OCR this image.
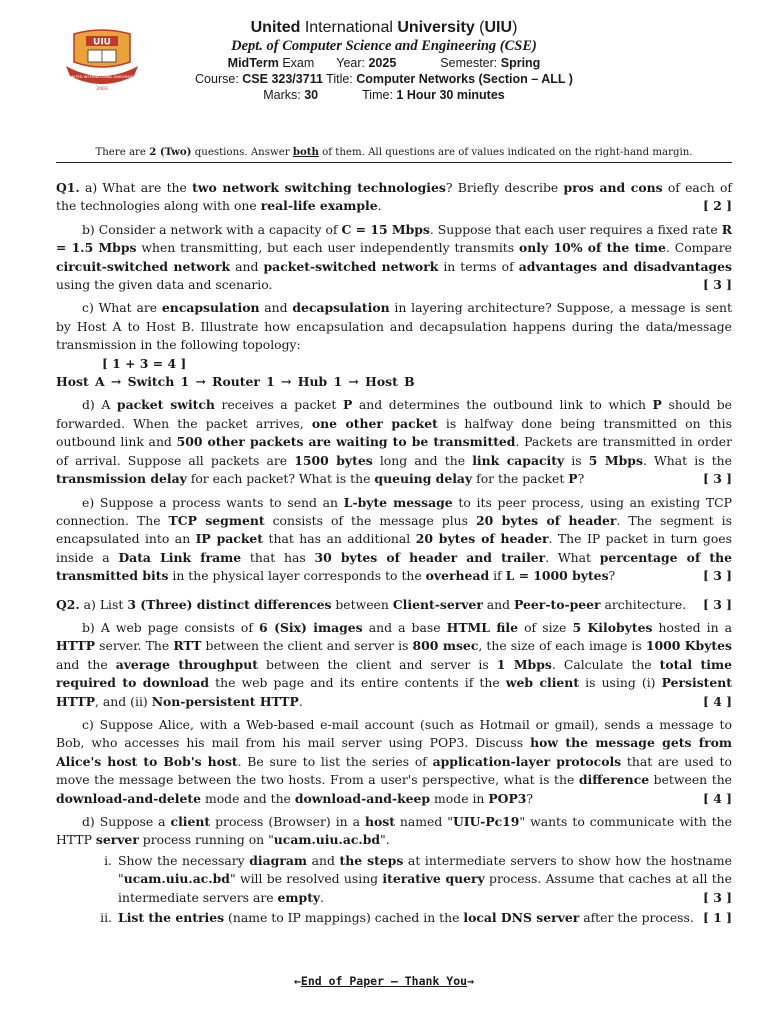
UIU
UNITED INTERNATIONAL UNIVERSITY
2003
United International University (UIU)
Dept. of Computer Science and Engineering (CSE)
MidTerm Exam Year: 2025	Semester: Spring
Course: CSE 323/3711 Title: Computer Networks (Section – ALL )
Marks: 30	Time: 1 Hour 30 minutes
There are 2 (Two) questions. Answer both of them. All questions are of values indicated on the right-hand margin.

Q1. a) What are the two network switching technologies? Briefly describe pros and cons of each of the technologies along with one real-life example.	[ 2 ]

b) Consider a network with a capacity of C = 15 Mbps. Suppose that each user requires a fixed rate R = 1.5 Mbps when transmitting, but each user independently transmits only 10% of the time. Compare circuit-switched network and packet-switched network in terms of advantages and disadvantages using the given data and scenario.	[ 3 ]

c) What are encapsulation and decapsulation in layering architecture? Suppose, a message is sent by Host A to Host B. Illustrate how encapsulation and decapsulation happens during the data/message transmission in the following topology:

[ 1 + 3 = 4 ]

Host A → Switch 1 → Router 1 → Hub 1 → Host B

d) A packet switch receives a packet P and determines the outbound link to which P should be forwarded. When the packet arrives, one other packet is halfway done being transmitted on this outbound link and 500 other packets are waiting to be transmitted. Packets are transmitted in order of arrival. Suppose all packets are 1500 bytes long and the link capacity is 5 Mbps. What is the transmission delay for each packet? What is the queuing delay for the packet P?	[ 3 ]

e) Suppose a process wants to send an L-byte message to its peer process, using an existing TCP connection. The TCP segment consists of the message plus 20 bytes of header. The segment is encapsulated into an IP packet that has an additional 20 bytes of header. The IP packet in turn goes inside a Data Link frame that has 30 bytes of header and trailer. What percentage of the transmitted bits in the physical layer corresponds to the overhead if L = 1000 bytes?	[ 3 ]

Q2. a) List 3 (Three) distinct differences between Client-server and Peer-to-peer architecture. [ 3 ]

b) A web page consists of 6 (Six) images and a base HTML file of size 5 Kilobytes hosted in a HTTP server. The RTT between the client and server is 800 msec, the size of each image is 1000 Kbytes and the average throughput between the client and server is 1 Mbps. Calculate the total time required to download the web page and its entire contents if the web client is using (i) Persistent HTTP, and (ii) Non-persistent HTTP.	[ 4 ]

c) Suppose Alice, with a Web-based e-mail account (such as Hotmail or gmail), sends a message to Bob, who accesses his mail from his mail server using POP3. Discuss how the message gets from Alice's host to Bob's host. Be sure to list the series of application-layer protocols that are used to move the message between the two hosts. From a user's perspective, what is the difference between the download-and-delete mode and the download-and-keep mode in POP3?	[ 4 ]

d) Suppose a client process (Browser) in a host named "UIU-Pc19" wants to communicate with the HTTP server process running on "ucam.uiu.ac.bd".

i. Show the necessary diagram and the steps at intermediate servers to show how the hostname "ucam.uiu.ac.bd" will be resolved using iterative query process. Assume that caches at all the intermediate servers are empty.	[ 3 ]
ii. List the entries (name to IP mappings) cached in the local DNS server after the process. [ 1 ]
←End of Paper – Thank You→
